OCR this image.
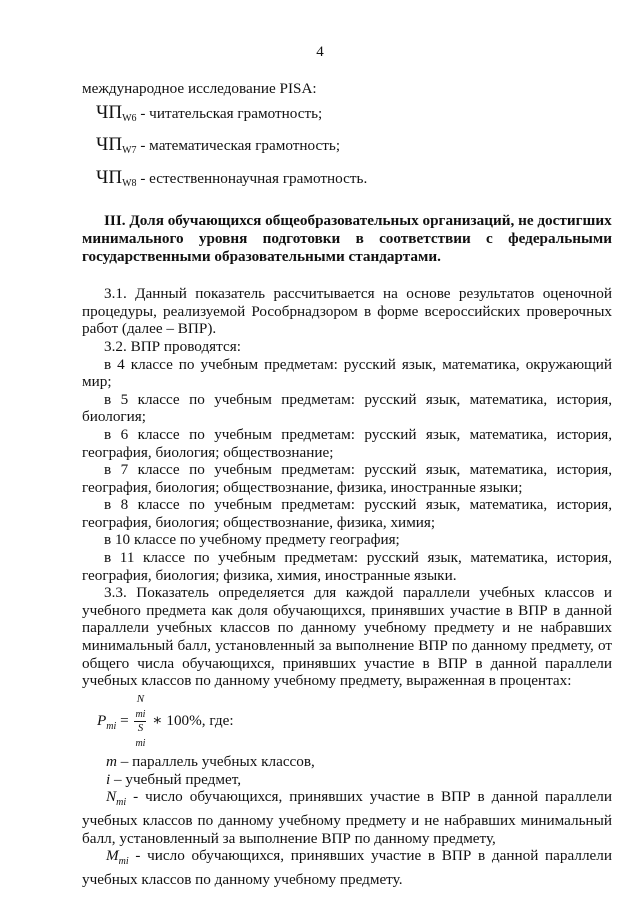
4

международное исследование PISA:

$ЧП_{W6}$ - читательская грамотность;

$ЧП_{W7}$ - математическая грамотность;

$ЧП_{W8}$ - естественнонаучная грамотность.

III. Доля обучающихся общеобразовательных организаций, не достигших

минимального уровня подготовки в соответствии с федеральными

государственными образовательными стандартами.

3.1. Данный показатель рассчитывается на основе результатов оценочной процедуры, реализуемой Рособрнадзором в форме всероссийских проверочных работ (далее – ВПР).

3.2. ВПР проводятся:

в 4 классе по учебным предметам: русский язык, математика, окружающий мир;

в 5 классе по учебным предметам: русский язык, математика, история, биология;

в 6 классе по учебным предметам: русский язык, математика, история, география, биология; обществознание;

в 7 классе по учебным предметам: русский язык, математика, история, география, биология; обществознание, физика, иностранные языки;

в 8 классе по учебным предметам: русский язык, математика, история, география, биология; обществознание, физика, химия;

в 10 классе по учебному предмету география;

в 11 классе по учебным предметам: русский язык, математика, история, география, биология; физика, химия, иностранные языки.

3.3. Показатель определяется для каждой параллели учебных классов и учебного предмета как доля обучающихся, принявших участие в ВПР в данной параллели учебных классов по данному учебному предмету и не набравших минимальный балл, установленный за выполнение ВПР по данному предмету, от общего числа обучающихся, принявших участие в ВПР в данной параллели учебных классов по данному учебному предмету, выраженная в процентах:

$P_{mi} = N$
$_{mi}$
S
$_{mi}$ ∗ 100%, где:

m – параллель учебных классов,

i – учебный предмет,

$N_{mi}$ - число обучающихся, принявших участие в ВПР в данной параллели учебных классов по данному учебному предмету и не набравших минимальный балл, установленный за выполнение ВПР по данному предмету,

$M_{mi}$ - число обучающихся, принявших участие в ВПР в данной параллели учебных классов по данному учебному предмету.
